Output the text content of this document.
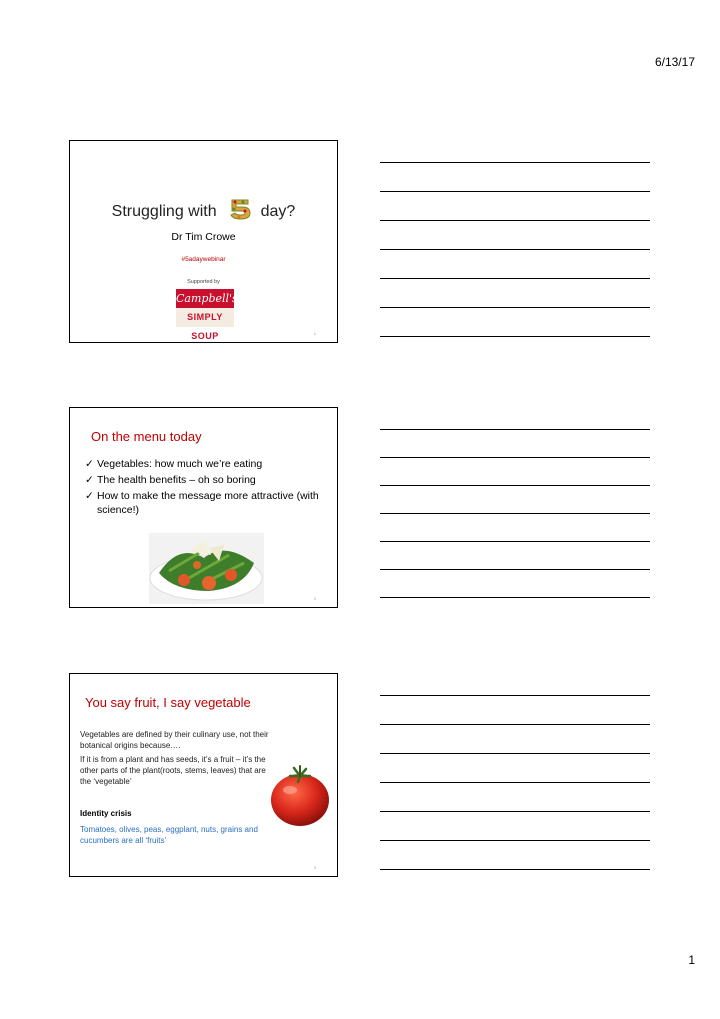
6/13/17
Struggling with	day?
Dr Tim Crowe
#5adaywebinar
Supported by
Campbell's
SIMPLY SOUP	1
On the menu today
✓ Vegetables: how much we’re eating
✓ The health benefits – oh so boring
✓ How to make the message more attractive (with science!)
2
You say fruit, I say vegetable

Vegetables are defined by their culinary use, not their botanical origins because….

If it is from a plant and has seeds, it’s a fruit – it’s the other parts of the plant(roots, stems, leaves) that are the ‘vegetable’

Identity crisis

Tomatoes, olives, peas, eggplant, nuts, grains and cucumbers are all ‘fruits’

3
1
